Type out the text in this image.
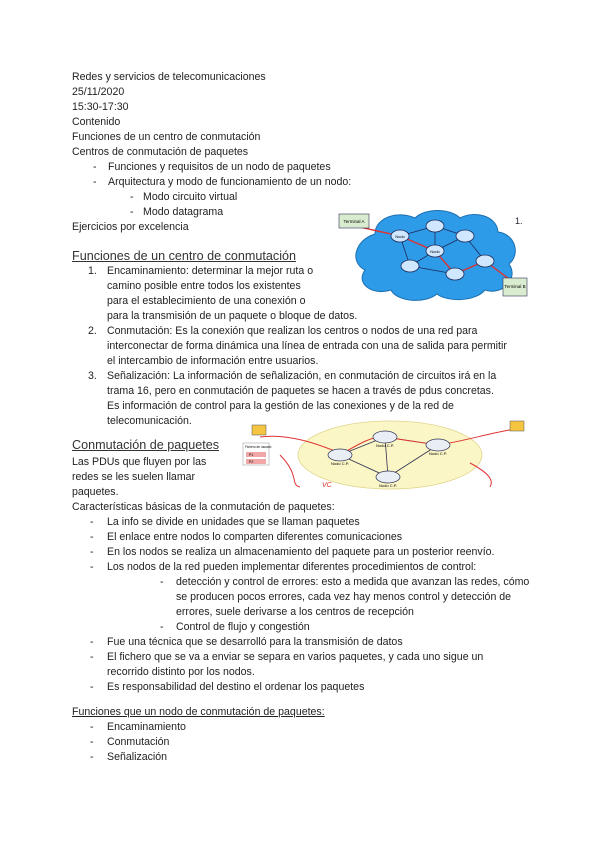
Redes y servicios de telecomunicaciones
25/11/2020
15:30-17:30
Contenido
Funciones de un centro de conmutación
Centros de conmutación de paquetes
- Funciones y requisitos de un nodo de paquetes
- Arquitectura y modo de funcionamiento de un nodo:
- Modo circuito virtual
- Modo datagrama
Ejercicios por excelencia
Nodo
Nodo
Terminal A
Terminal B
1.
Funciones de un centro de conmutación
1. Encaminamiento: determinar la mejor ruta o
camino posible entre todos los existentes
para el establecimiento de una conexión o
para la transmisión de un paquete o bloque de datos.
2. Conmutación: Es la conexión que realizan los centros o nodos de una red para
interconectar de forma dinámica una línea de entrada con una de salida para permitir
el intercambio de información entre usuarios.
3. Señalización: La información de señalización, en conmutación de circuitos irá en la
trama 16, pero en conmutación de paquetes se hacen a través de pdus concretas.
Es información de control para la gestión de las conexiones y de la red de
telecomunicación.
Nodo C.P.
Nodo C.P.
Nodo C.P.
Nodo C.P.
Fichero de usuario
P1
P2
VC
Conmutación de paquetes
Las PDUs que fluyen por las
redes se les suelen llamar
paquetes.
Características básicas de la conmutación de paquetes:
- La info se divide en unidades que se llaman paquetes
- El enlace entre nodos lo comparten diferentes comunicaciones
- En los nodos se realiza un almacenamiento del paquete para un posterior reenvío.
- Los nodos de la red pueden implementar diferentes procedimientos de control:
- detección y control de errores: esto a medida que avanzan las redes, cómo
se producen pocos errores, cada vez hay menos control y detección de
errores, suele derivarse a los centros de recepción
- Control de flujo y congestión
- Fue una técnica que se desarrolló para la transmisión de datos
- El fichero que se va a enviar se separa en varios paquetes, y cada uno sigue un
recorrido distinto por los nodos.
- Es responsabilidad del destino el ordenar los paquetes
Funciones que un nodo de conmutación de paquetes:
- Encaminamiento
- Conmutación
- Señalización
